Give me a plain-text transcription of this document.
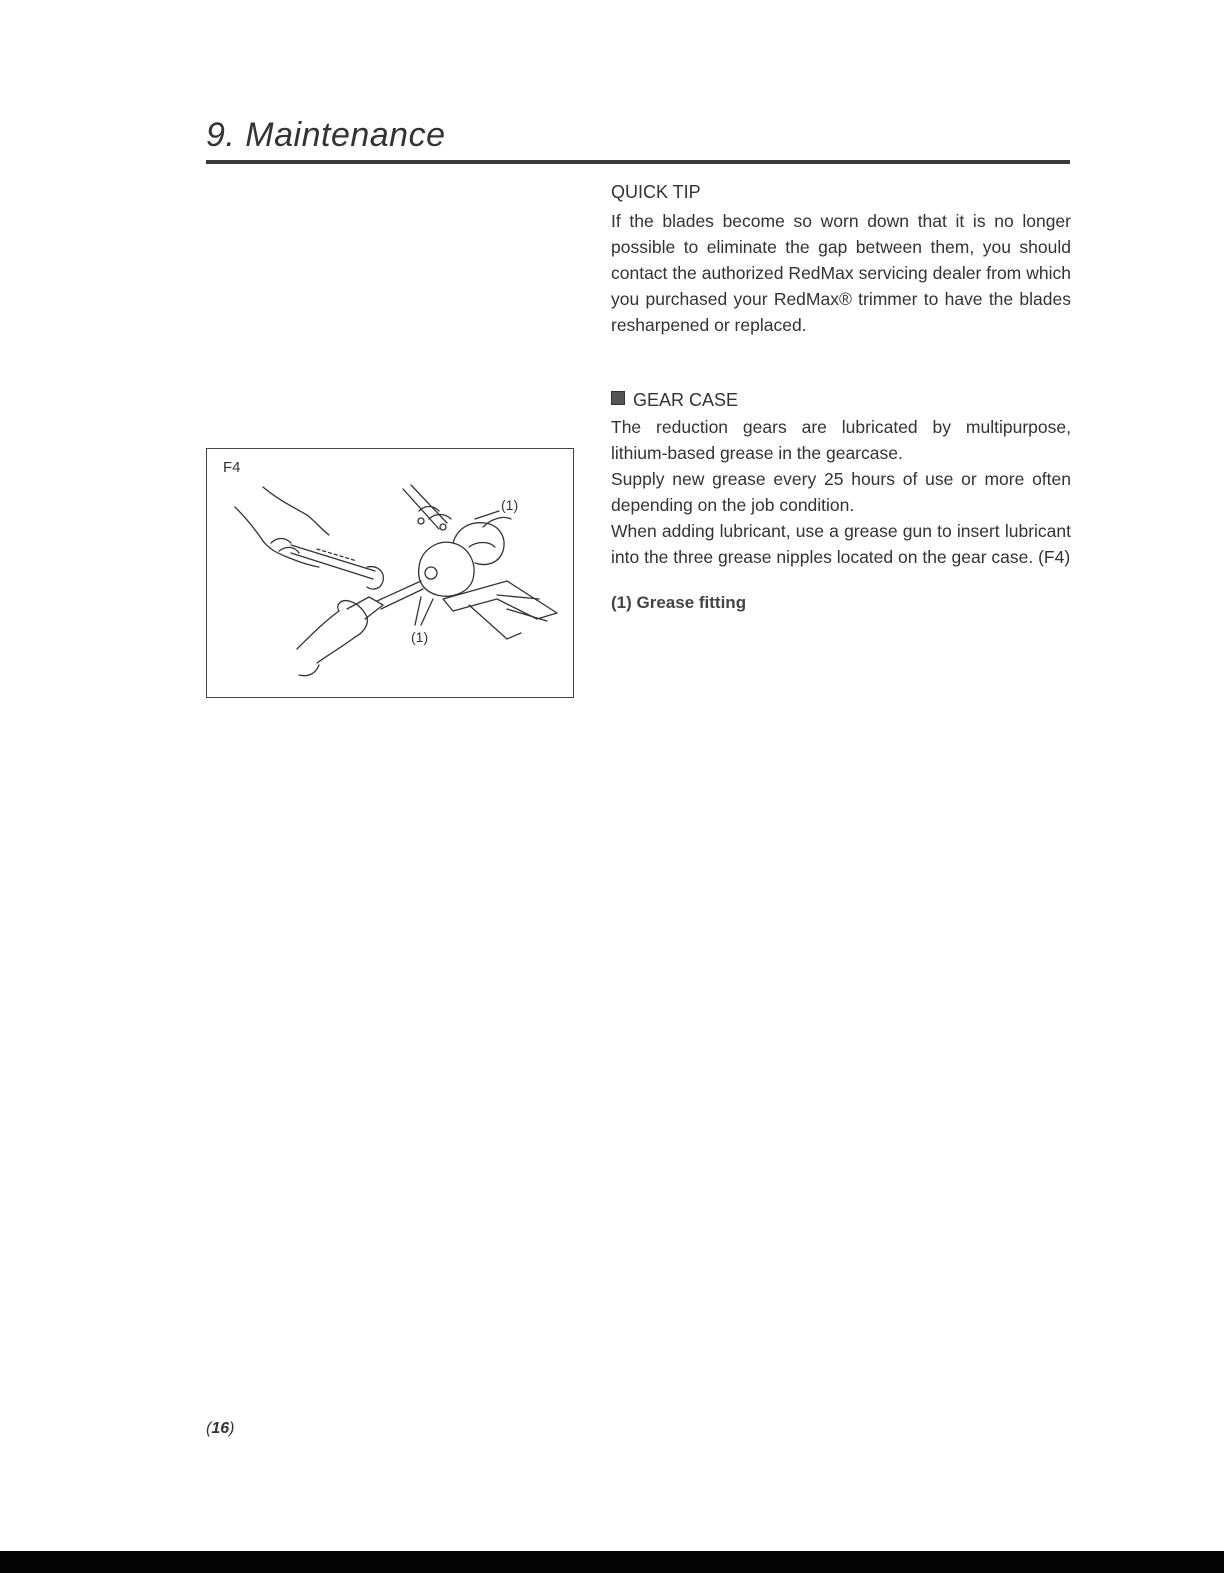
9. Maintenance
QUICK TIP
If the blades become so worn down that it is no longer possible to eliminate the gap between them, you should contact the authorized RedMax servicing dealer from which you purchased your RedMax® trimmer to have the blades resharpened or replaced.
GEAR CASE
The reduction gears are lubricated by multipurpose, lithium-based grease in the gearcase.
Supply new grease every 25 hours of use or more often depending on the job condition.
When adding lubricant, use a grease gun to insert lubricant into the three grease nipples located on the gear case. (F4)
(1) Grease fitting
F4
(1)
(1)
(16)
